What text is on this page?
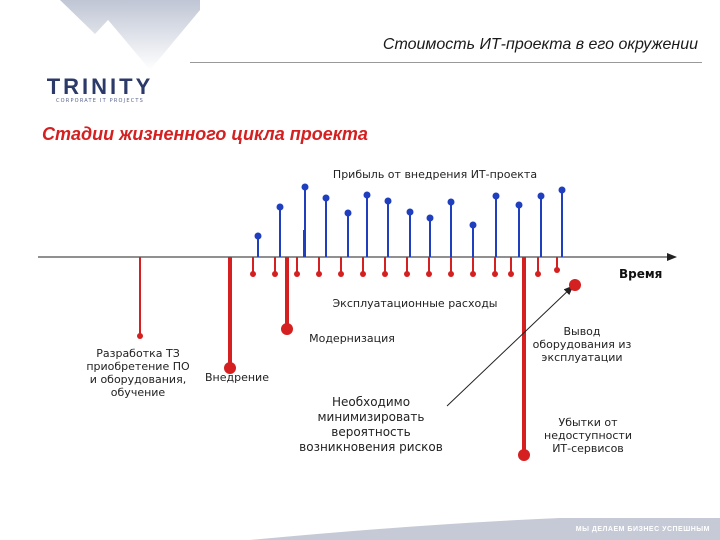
TRINITY
CORPORATE IT PROJECTS
Стоимость ИТ-проекта в его окружении
Стадии жизненного цикла проекта
Прибыль от внедрения ИТ-проекта
Время
Эксплуатационные расходы
Модернизация
Вывод оборудования из эксплуатации
Разработка ТЗ приобретение ПО и оборудования, обучение
Внедрение
Необходимо минимизировать вероятность возникновения рисков
Убытки от недоступности ИТ-сервисов
МЫ ДЕЛАЕМ БИЗНЕС УСПЕШНЫМ
